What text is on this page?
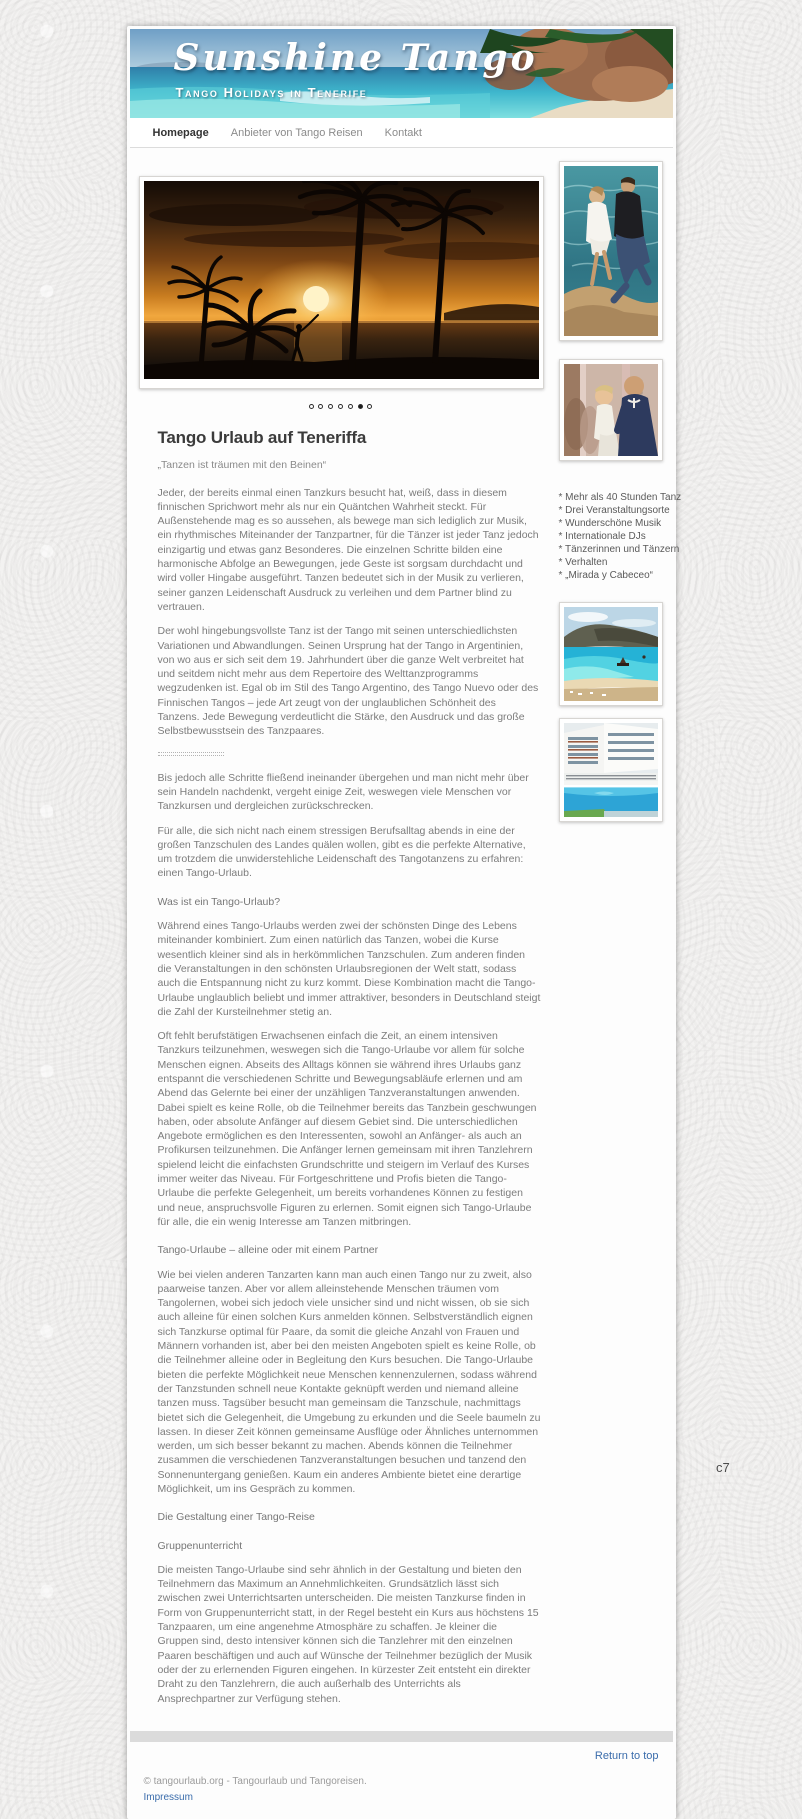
Sunshine Tango
Tango Holidays in Tenerife
Homepage	Anbieter von Tango Reisen	Kontakt
Tango Urlaub auf Teneriffa

„Tanzen ist träumen mit den Beinen“

Jeder, der bereits einmal einen Tanzkurs besucht hat, weiß, dass in diesem finnischen Sprichwort mehr als nur ein Quäntchen Wahrheit steckt. Für Außenstehende mag es so aussehen, als bewege man sich lediglich zur Musik, ein rhythmisches Miteinander der Tanzpartner, für die Tänzer ist jeder Tanz jedoch einzigartig und etwas ganz Besonderes. Die einzelnen Schritte bilden eine harmonische Abfolge an Bewegungen, jede Geste ist sorgsam durchdacht und wird voller Hingabe ausgeführt. Tanzen bedeutet sich in der Musik zu verlieren, seiner ganzen Leidenschaft Ausdruck zu verleihen und dem Partner blind zu vertrauen.

Der wohl hingebungsvollste Tanz ist der Tango mit seinen unterschiedlichsten Variationen und Abwandlungen. Seinen Ursprung hat der Tango in Argentinien, von wo aus er sich seit dem 19. Jahrhundert über die ganze Welt verbreitet hat und seitdem nicht mehr aus dem Repertoire des Welttanzprogramms wegzudenken ist. Egal ob im Stil des Tango Argentino, des Tango Nuevo oder des Finnischen Tangos – jede Art zeugt von der unglaublichen Schönheit des Tanzens. Jede Bewegung verdeutlicht die Stärke, den Ausdruck und das große Selbstbewusstsein des Tanzpaares.

Bis jedoch alle Schritte fließend ineinander übergehen und man nicht mehr über sein Handeln nachdenkt, vergeht einige Zeit, weswegen viele Menschen vor Tanzkursen und dergleichen zurückschrecken.

Für alle, die sich nicht nach einem stressigen Berufsalltag abends in eine der großen Tanzschulen des Landes quälen wollen, gibt es die perfekte Alternative, um trotzdem die unwiderstehliche Leidenschaft des Tangotanzens zu erfahren: einen Tango-Urlaub.

Was ist ein Tango-Urlaub?

Während eines Tango-Urlaubs werden zwei der schönsten Dinge des Lebens miteinander kombiniert. Zum einen natürlich das Tanzen, wobei die Kurse wesentlich kleiner sind als in herkömmlichen Tanzschulen. Zum anderen finden die Veranstaltungen in den schönsten Urlaubsregionen der Welt statt, sodass auch die Entspannung nicht zu kurz kommt. Diese Kombination macht die Tango-Urlaube unglaublich beliebt und immer attraktiver, besonders in Deutschland steigt die Zahl der Kursteilnehmer stetig an.

Oft fehlt berufstätigen Erwachsenen einfach die Zeit, an einem intensiven Tanzkurs teilzunehmen, weswegen sich die Tango-Urlaube vor allem für solche Menschen eignen. Abseits des Alltags können sie während ihres Urlaubs ganz entspannt die verschiedenen Schritte und Bewegungsabläufe erlernen und am Abend das Gelernte bei einer der unzähligen Tanzveranstaltungen anwenden. Dabei spielt es keine Rolle, ob die Teilnehmer bereits das Tanzbein geschwungen haben, oder absolute Anfänger auf diesem Gebiet sind. Die unterschiedlichen Angebote ermöglichen es den Interessenten, sowohl an Anfänger- als auch an Profikursen teilzunehmen. Die Anfänger lernen gemeinsam mit ihren Tanzlehrern spielend leicht die einfachsten Grundschritte und steigern im Verlauf des Kurses immer weiter das Niveau. Für Fortgeschrittene und Profis bieten die Tango-Urlaube die perfekte Gelegenheit, um bereits vorhandenes Können zu festigen und neue, anspruchsvolle Figuren zu erlernen. Somit eignen sich Tango-Urlaube für alle, die ein wenig Interesse am Tanzen mitbringen.

Tango-Urlaube – alleine oder mit einem Partner

Wie bei vielen anderen Tanzarten kann man auch einen Tango nur zu zweit, also paarweise tanzen. Aber vor allem alleinstehende Menschen träumen vom Tangolernen, wobei sich jedoch viele unsicher sind und nicht wissen, ob sie sich auch alleine für einen solchen Kurs anmelden können. Selbstverständlich eignen sich Tanzkurse optimal für Paare, da somit die gleiche Anzahl von Frauen und Männern vorhanden ist, aber bei den meisten Angeboten spielt es keine Rolle, ob die Teilnehmer alleine oder in Begleitung den Kurs besuchen. Die Tango-Urlaube bieten die perfekte Möglichkeit neue Menschen kennenzulernen, sodass während der Tanzstunden schnell neue Kontakte geknüpft werden und niemand alleine tanzen muss. Tagsüber besucht man gemeinsam die Tanzschule, nachmittags bietet sich die Gelegenheit, die Umgebung zu erkunden und die Seele baumeln zu lassen. In dieser Zeit können gemeinsame Ausflüge oder Ähnliches unternommen werden, um sich besser bekannt zu machen. Abends können die Teilnehmer zusammen die verschiedenen Tanzveranstaltungen besuchen und tanzend den Sonnenuntergang genießen. Kaum ein anderes Ambiente bietet eine derartige Möglichkeit, um ins Gespräch zu kommen.

Die Gestaltung einer Tango-Reise

Gruppenunterricht

Die meisten Tango-Urlaube sind sehr ähnlich in der Gestaltung und bieten den Teilnehmern das Maximum an Annehmlichkeiten. Grundsätzlich lässt sich zwischen zwei Unterrichtsarten unterscheiden. Die meisten Tanzkurse finden in Form von Gruppenunterricht statt, in der Regel besteht ein Kurs aus höchstens 15 Tanzpaaren, um eine angenehme Atmosphäre zu schaffen. Je kleiner die Gruppen sind, desto intensiver können sich die Tanzlehrer mit den einzelnen Paaren beschäftigen und auch auf Wünsche der Teilnehmer bezüglich der Musik oder der zu erlernenden Figuren eingehen. In kürzester Zeit entsteht ein direkter Draht zu den Tanzlehrern, die auch außerhalb des Unterrichts als Ansprechpartner zur Verfügung stehen.

* Mehr als 40 Stunden Tanz
* Drei Veranstaltungsorte
* Wunderschöne Musik
* Internationale DJs
* Tänzerinnen und Tänzern
* Verhalten
* „Mirada y Cabeceo“
Return to top
© tangourlaub.org - Tangourlaub und Tangoreisen.
Impressum
c7
